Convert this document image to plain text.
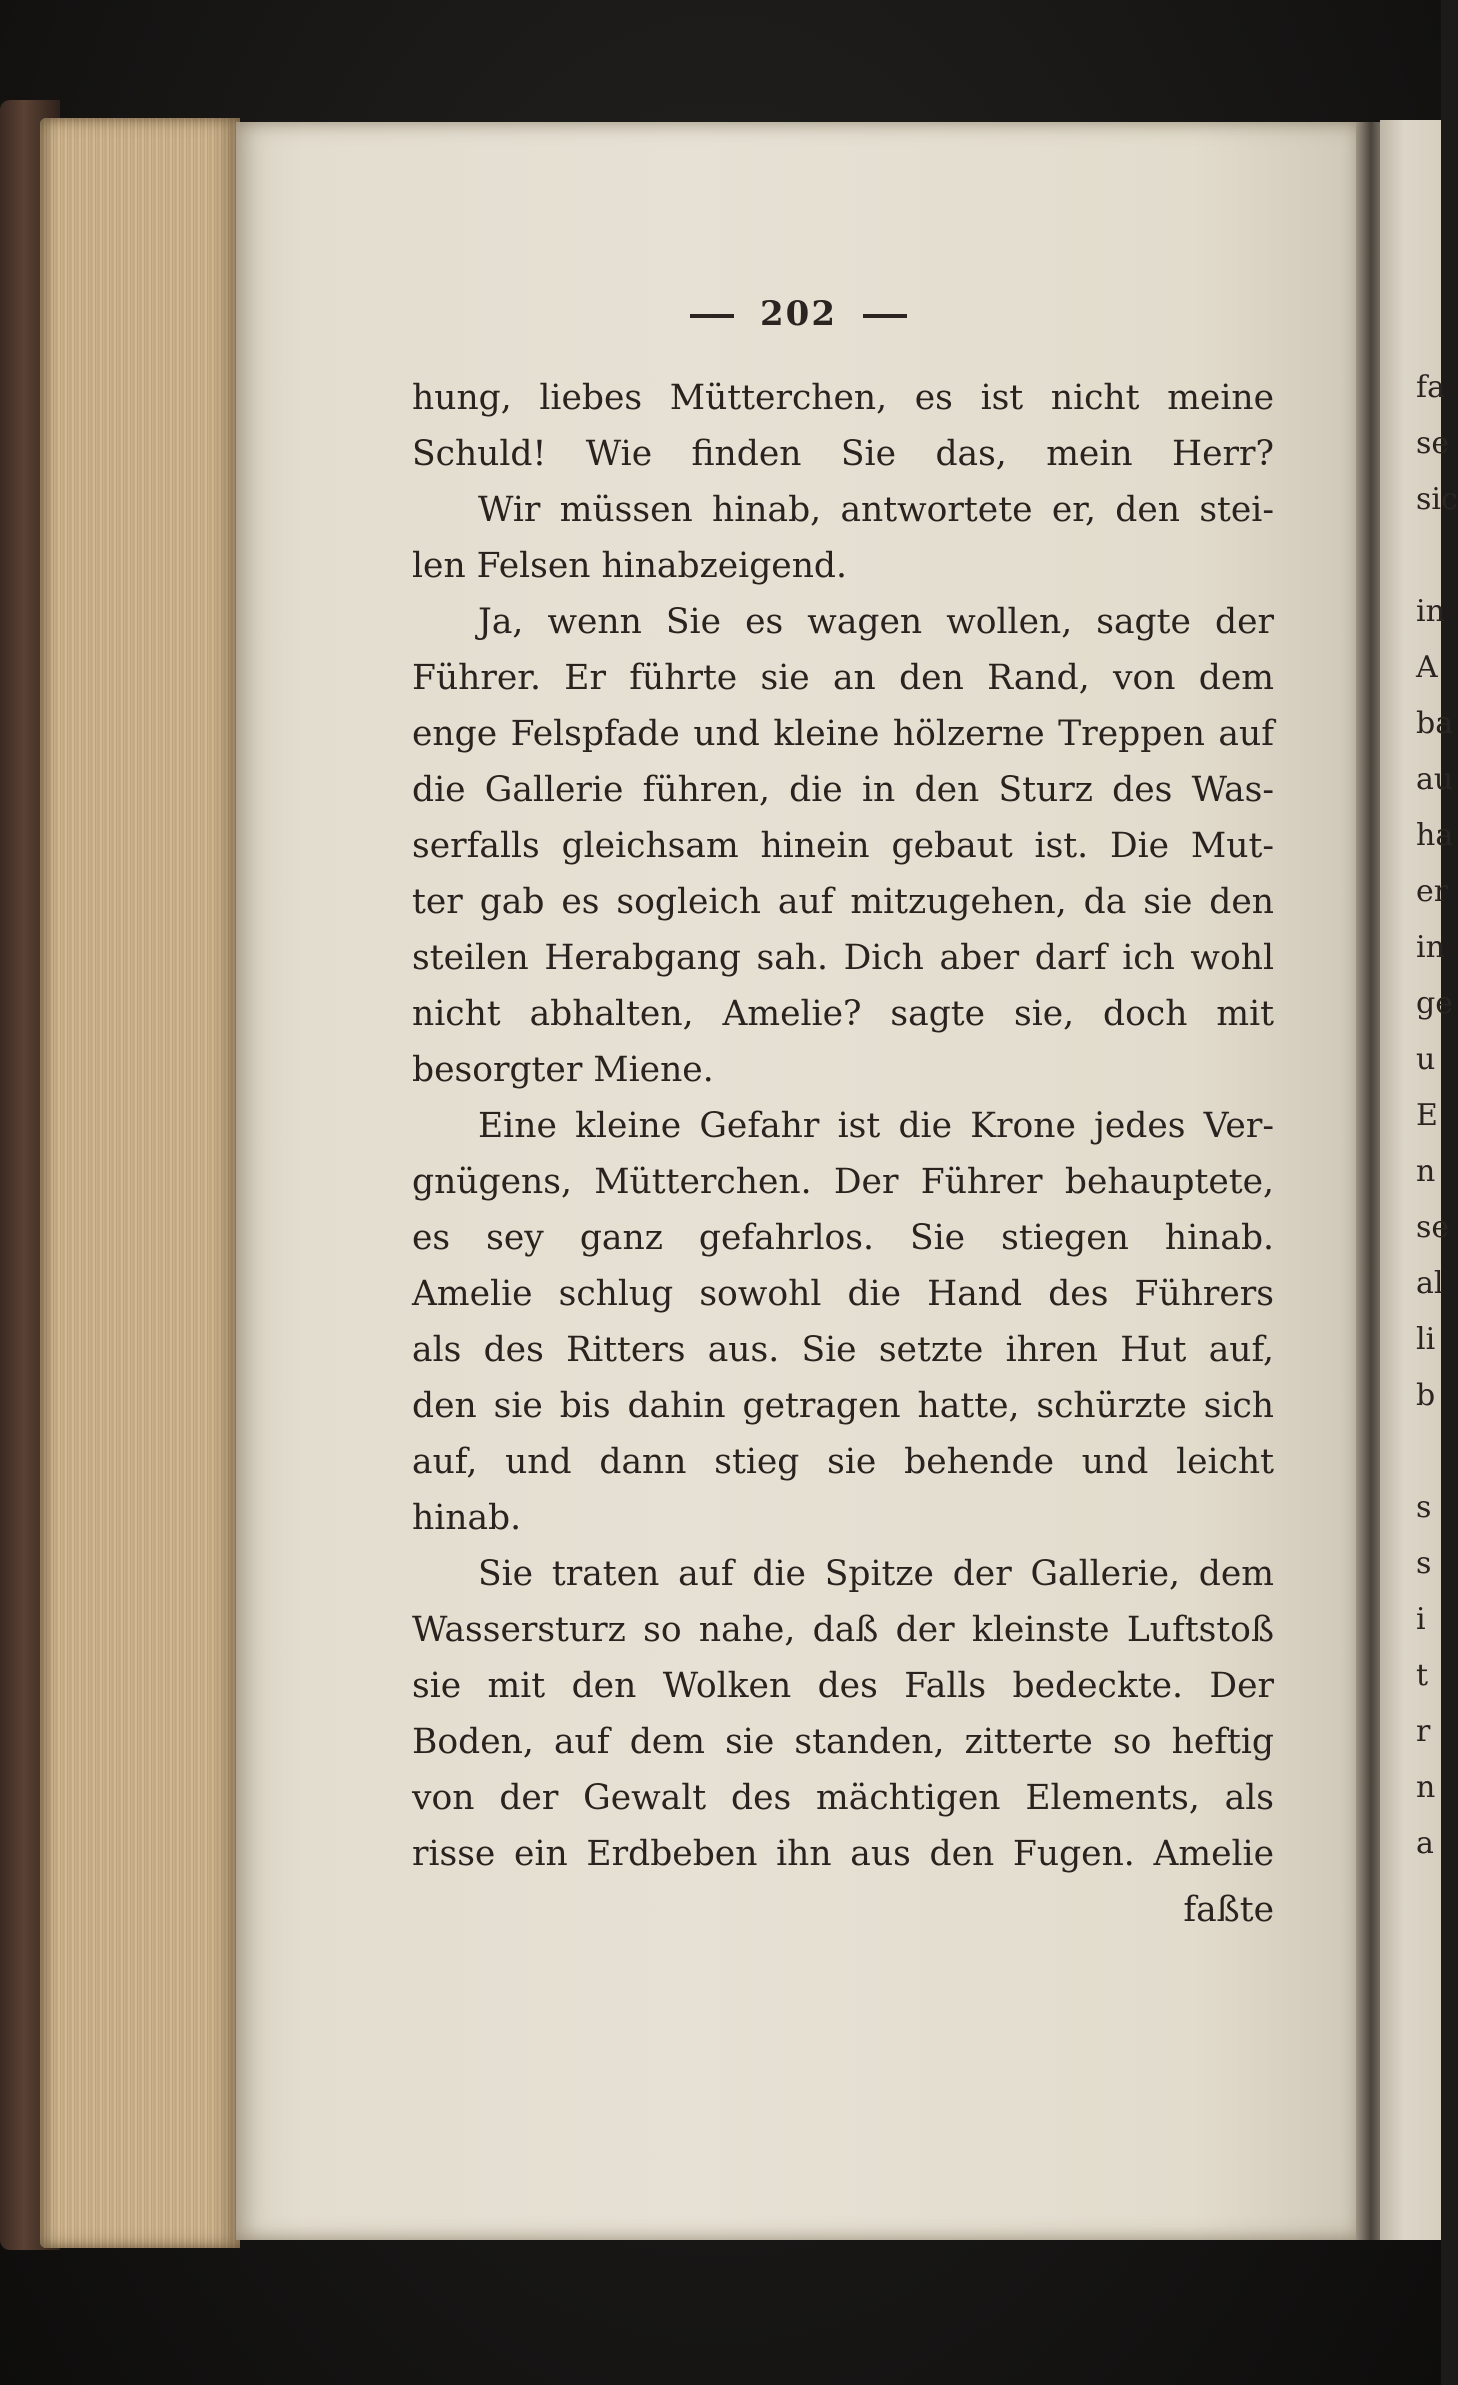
202
hung, liebes Mütterchen, es ist nicht meine
Schuld! Wie finden Sie das, mein Herr?
Wir müssen hinab, antwortete er, den stei-
len Felsen hinabzeigend.
Ja, wenn Sie es wagen wollen, sagte der
Führer. Er führte sie an den Rand, von dem
enge Felspfade und kleine hölzerne Treppen auf
die Gallerie führen, die in den Sturz des Was-
serfalls gleichsam hinein gebaut ist. Die Mut-
ter gab es sogleich auf mitzugehen, da sie den
steilen Herabgang sah. Dich aber darf ich wohl
nicht abhalten, Amelie? sagte sie, doch mit
besorgter Miene.
Eine kleine Gefahr ist die Krone jedes Ver-
gnügens, Mütterchen. Der Führer behauptete,
es sey ganz gefahrlos. Sie stiegen hinab.
Amelie schlug sowohl die Hand des Führers
als des Ritters aus. Sie setzte ihren Hut auf,
den sie bis dahin getragen hatte, schürzte sich
auf, und dann stieg sie behende und leicht
hinab.
Sie traten auf die Spitze der Gallerie, dem
Wassersturz so nahe, daß der kleinste Luftstoß
sie mit den Wolken des Falls bedeckte. Der
Boden, auf dem sie standen, zitterte so heftig
von der Gewalt des mächtigen Elements, als
risse ein Erdbeben ihn aus den Fugen. Amelie
faßte
fa
se
sic
in
A
ba
au
ha
er
in
ge
u
E
n
se
al
li
b
s
s
i
t
r
n
a
